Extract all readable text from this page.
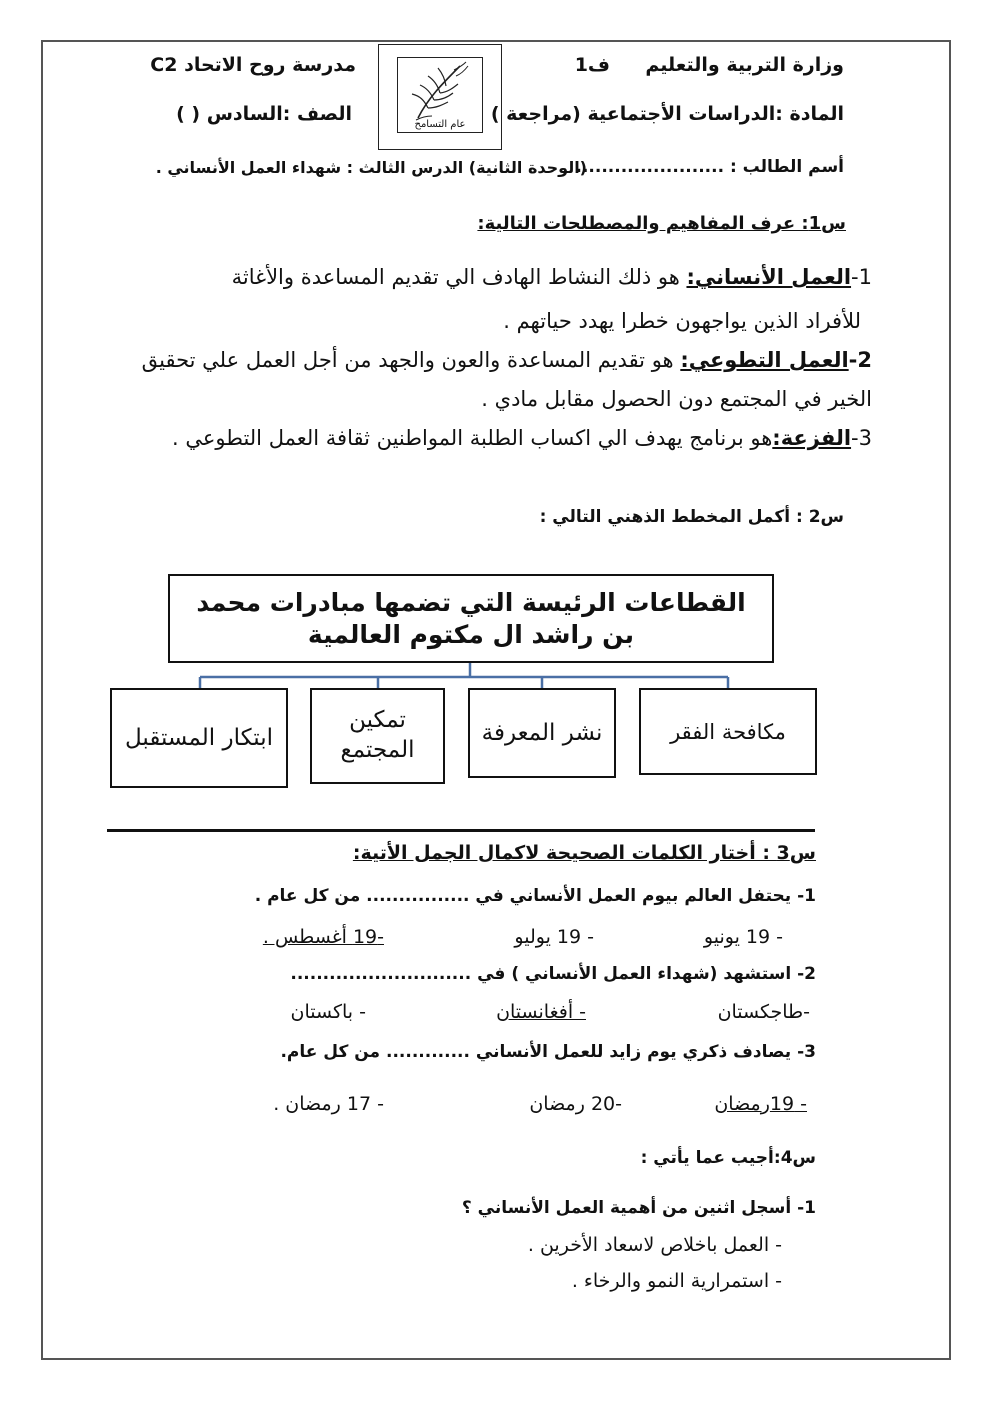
وزارة التربية والتعليم
ف1
مدرسة روح الاتحاد C2
المادة :الدراسات الأجتماعية (مراجعة )
الصف :السادس ( )
أسم الطالب : .......................
(الوحدة الثانية) الدرس الثالث : شهداء العمل الأنساني .
عام التسامح
س1: عرف المفاهيم والمصطلحات التالية:
1-العمل الأنساني: هو ذلك النشاط الهادف الي تقديم المساعدة والأغاثة
للأفراد الذين يواجهون خطرا يهدد حياتهم .
2-العمل التطوعي: هو تقديم المساعدة والعون والجهد من أجل العمل علي تحقيق
الخير في المجتمع دون الحصول مقابل مادي .
3-الفزعة:هو برنامج يهدف الي اكساب الطلبة المواطنين ثقافة العمل التطوعي .
س2 : أكمل المخطط الذهني التالي :
القطاعات الرئيسة التي تضمها مبادرات محمد بن راشد ال مكتوم العالمية
مكافحة الفقر
نشر المعرفة
تمكين المجتمع
ابتكار المستقبل
س3 : أختار الكلمات الصحيحة لاكمال الجمل الأتية:
1- يحتفل العالم بيوم العمل الأنساني في ................ من كل عام .
- 19 يونيو
- 19 يوليو
-19 أغسطس .
2- استشهد (شهداء العمل الأنساني ) في ............................
-طاجكستان
- أفغانستان
- باكستان
3- يصادف ذكري يوم زايد للعمل الأنساني ............. من كل عام.
- 19رمضان
-20 رمضان
- 17 رمضان .
س4:أجيب عما يأتي :
1- أسجل اثنين من أهمية العمل الأنساني ؟
- العمل باخلاص لاسعاد الأخرين .
- استمرارية النمو والرخاء .
